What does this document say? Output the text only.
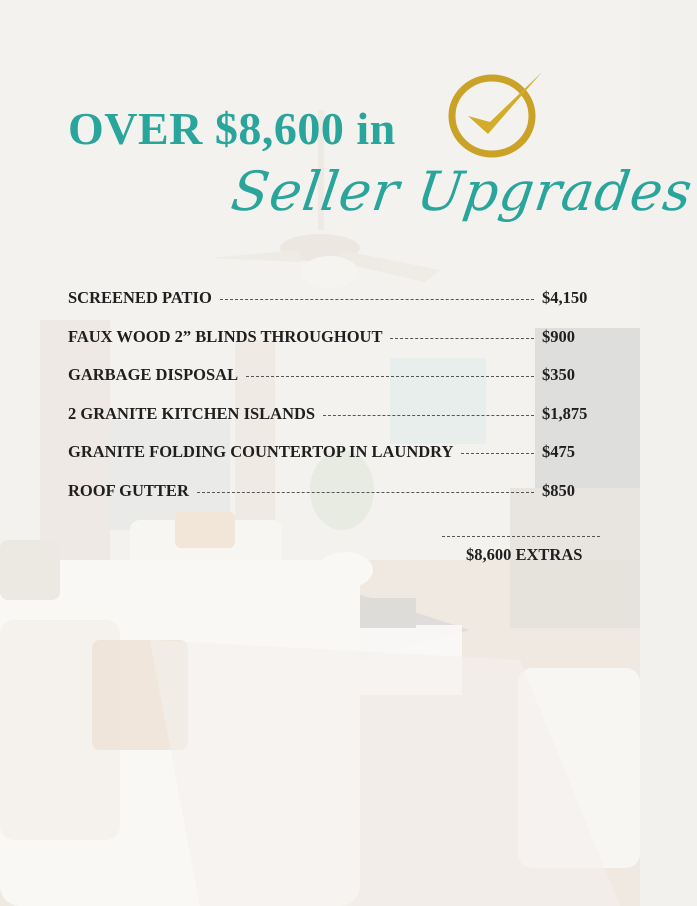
OVER $8,600 in
Seller Upgrades
SCREENED PATIO	$4,150
FAUX WOOD 2” BLINDS THROUGHOUT	$900
GARBAGE DISPOSAL	$350
2 GRANITE KITCHEN ISLANDS	$1,875
GRANITE FOLDING COUNTERTOP IN LAUNDRY	$475
ROOF GUTTER	$850
$8,600 EXTRAS
